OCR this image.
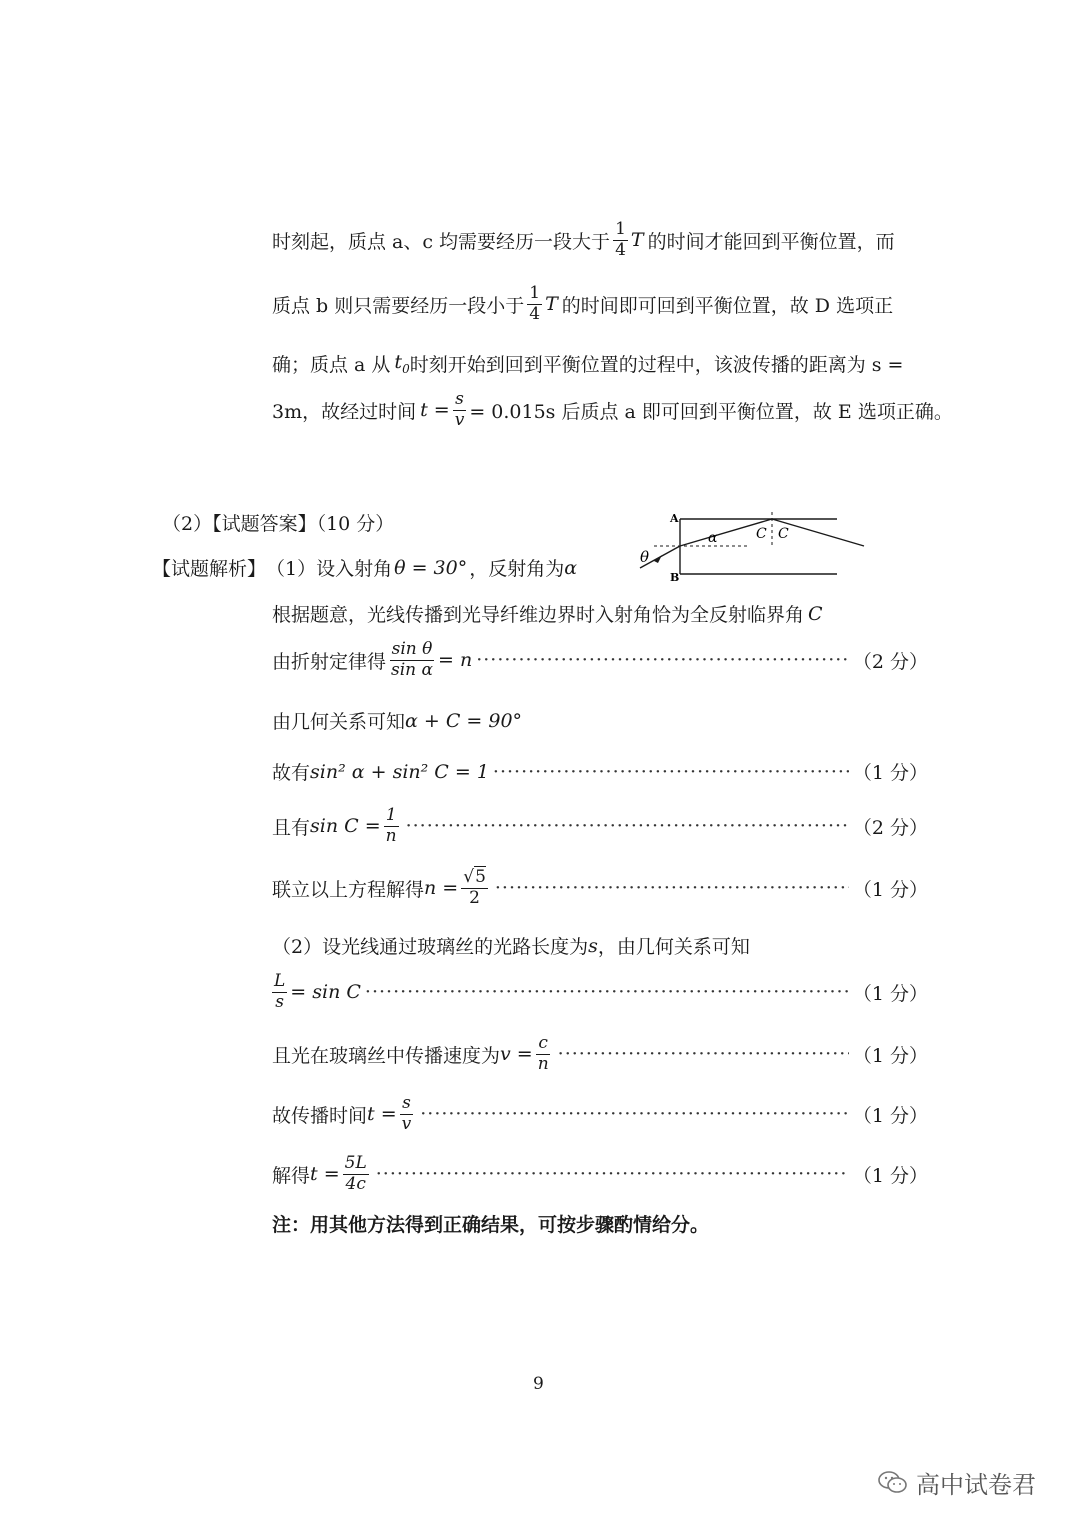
时刻起，质点 a、c 均需要经历一段大于 $\frac{1}{4}$ T 的时间才能回到平衡位置，而
质点 b 则只需要经历一段小于 $\frac{1}{4}$ T 的时间即可回到平衡位置，故 D 选项正
确；质点 a 从 $t_0$ 时刻开始到回到平衡位置的过程中，该波传播的距离为 s =
3m，故经过时间 $t = \frac{s}{v} = 0.015s$ 后质点 a 即可回到平衡位置，故 E 选项正确。
（2）【试题答案】（10 分）
【试题解析】 （1）设入射角 θ = 30° ，反射角为 α
A
B
θ
α	C C
根据题意，光线传播到光导纤维边界时入射角恰为全反射临界角 C
由折射定律得 $\frac{\text{sin θ}}{\text{sin α}} = n$ ·····	（2 分）
由几何关系可知 α + C = 90°
故有 sin² α + sin² C = 1 ·····	（1 分）
且有 $\sin C = \frac{1}{n}$ ·····	（2 分）
联立以上方程解得 $n = \frac{√5}{2}$ ·····	（1 分）
（2）设光线通过玻璃丝的光路长度为 s ，由几何关系可知
$\frac{L}{s} = \sin C$ ·····	（1 分）
且光在玻璃丝中传播速度为 $v = \frac{c}{n}$ ·····	（1 分）
故传播时间 $t = \frac{s}{v}$ ·····	（1 分）
解得 $t = \frac{5L}{4c}$ ·····	（1 分）
注：用其他方法得到正确结果，可按步骤酌情给分。
9
高中试卷君
